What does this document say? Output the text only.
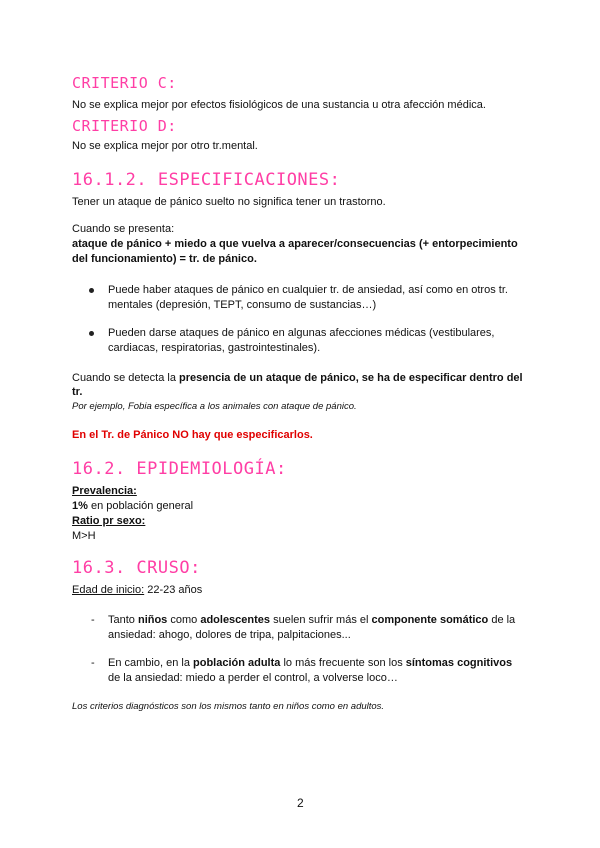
CRITERIO C:
No se explica mejor por efectos fisiológicos de una sustancia u otra afección médica.
CRITERIO D:
No se explica mejor por otro tr.mental.
16.1.2. ESPECIFICACIONES:
Tener un ataque de pánico suelto no significa tener un trastorno.
Cuando se presenta:
ataque de pánico + miedo a que vuelva a aparecer/consecuencias (+ entorpecimiento
del funcionamiento) = tr. de pánico.
Puede haber ataques de pánico en cualquier tr. de ansiedad, así como en otros tr.
mentales (depresión, TEPT, consumo de sustancias…)
Pueden darse ataques de pánico en algunas afecciones médicas (vestibulares,
cardiacas, respiratorias, gastrointestinales).
Cuando se detecta la presencia de un ataque de pánico, se ha de especificar dentro del
tr.
Por ejemplo, Fobia específica a los animales con ataque de pánico.
En el Tr. de Pánico NO hay que especificarlos.
16.2. EPIDEMIOLOGÍA:
Prevalencia:
1% en población general
Ratio pr sexo:
M>H
16.3. CRUSO:
Edad de inicio: 22-23 años
- Tanto niños como adolescentes suelen sufrir más el componente somático de la
ansiedad: ahogo, dolores de tripa, palpitaciones...
- En cambio, en la población adulta lo más frecuente son los síntomas cognitivos
de la ansiedad: miedo a perder el control, a volverse loco…
Los criterios diagnósticos son los mismos tanto en niños como en adultos.
2
